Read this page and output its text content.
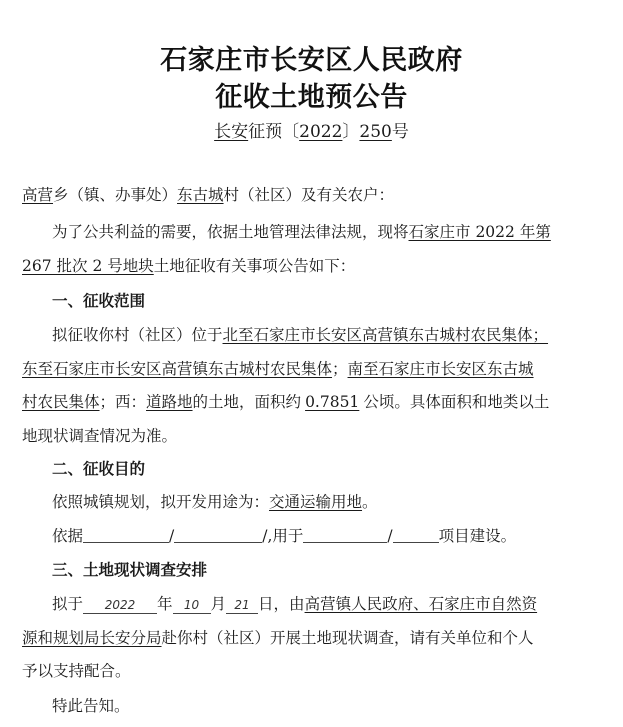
石家庄市长安区人民政府
征收土地预公告
长安征预〔2022〕250号
高营乡（镇、办事处）东古城村（社区）及有关农户：
为了公共利益的需要，依据土地管理法律法规，现将石家庄市 2022 年第
267 批次 2 号地块土地征收有关事项公告如下：
一、征收范围
拟征收你村（社区）位于北至石家庄市长安区高营镇东古城村农民集体；
东至石家庄市长安区高营镇东古城村农民集体；南至石家庄市长安区东古城
村农民集体；西：道路地的土地，面积约 0.7851 公顷。具体面积和地类以土
地现状调查情况为准。
二、征收目的
依照城镇规划，拟开发用途为：交通运输用地。
依据	/	/,用于	/	项目建设。
三、土地现状调查安排
拟于 2022 年 10 月 21 日，由高营镇人民政府、石家庄市自然资
源和规划局长安分局赴你村（社区）开展土地现状调查，请有关单位和个人
予以支持配合。
特此告知。
